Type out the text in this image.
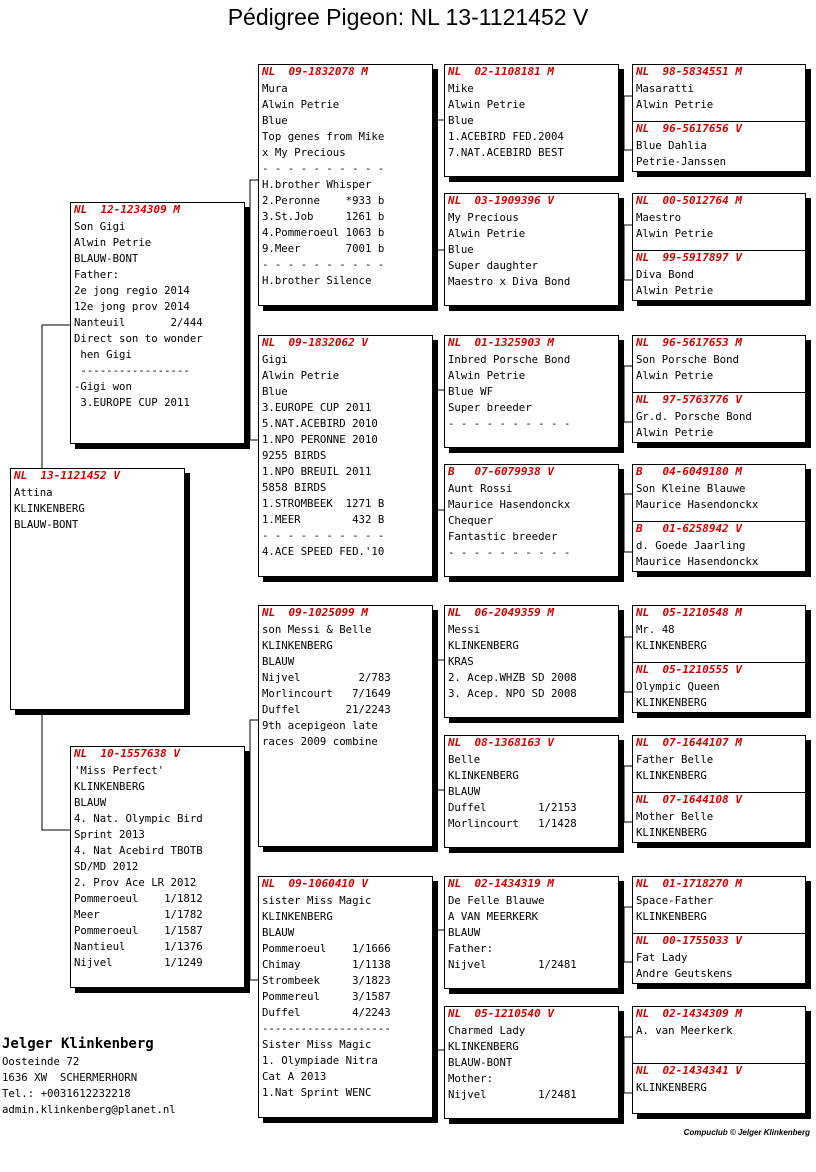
Pédigree Pigeon: NL 13-1121452 V
NL  13-1121452 V
Attina
KLINKENBERG
BLAUW-BONT
NL  12-1234309 M
Son Gigi
Alwin Petrie
BLAUW-BONT
Father:
2e jong regio 2014
12e jong prov 2014
Nanteuil       2/444
Direct son to wonder
hen Gigi
-----------------
-Gigi won
3.EUROPE CUP 2011
NL  10-1557638 V
'Miss Perfect'
KLINKENBERG
BLAUW
4. Nat. Olympic Bird
Sprint 2013
4. Nat Acebird TBOTB
SD/MD 2012
2. Prov Ace LR 2012
Pommeroeul    1/1812
Meer          1/1782
Pommeroeul    1/1587
Nantieul      1/1376
Nijvel        1/1249
NL  09-1832078 M
Mura
Alwin Petrie
Blue
Top genes from Mike
x My Precious
- - - - - - - - - -
H.brother Whisper
2.Peronne    *933 b
3.St.Job     1261 b
4.Pommeroeul 1063 b
9.Meer       7001 b
- - - - - - - - - -
H.brother Silence
NL  09-1832062 V
Gigi
Alwin Petrie
Blue
3.EUROPE CUP 2011
5.NAT.ACEBIRD 2010
1.NPO PERONNE 2010
9255 BIRDS
1.NPO BREUIL 2011
5858 BIRDS
1.STROMBEEK  1271 B
1.MEER        432 B
- - - - - - - - - -
4.ACE SPEED FED.'10
NL  09-1025099 M
son Messi & Belle
KLINKENBERG
BLAUW
Nijvel         2/783
Morlincourt   7/1649
Duffel       21/2243
9th acepigeon late
races 2009 combine
NL  09-1060410 V
sister Miss Magic
KLINKENBERG
BLAUW
Pommeroeul    1/1666
Chimay        1/1138
Strombeek     3/1823
Pommereul     3/1587
Duffel        4/2243
--------------------
Sister Miss Magic
1. Olympiade Nitra
Cat A 2013
1.Nat Sprint WENC
NL  02-1108181 M
Mike
Alwin Petrie
Blue
1.ACEBIRD FED.2004
7.NAT.ACEBIRD BEST
NL  03-1909396 V
My Precious
Alwin Petrie
Blue
Super daughter
Maestro x Diva Bond
NL  01-1325903 M
Inbred Porsche Bond
Alwin Petrie
Blue WF
Super breeder
- - - - - - - - - -
B   07-6079938 V
Aunt Rossi
Maurice Hasendonckx
Chequer
Fantastic breeder
- - - - - - - - - -
NL  06-2049359 M
Messi
KLINKENBERG
KRAS
2. Acep.WHZB SD 2008
3. Acep. NPO SD 2008
NL  08-1368163 V
Belle
KLINKENBERG
BLAUW
Duffel        1/2153
Morlincourt   1/1428
NL  02-1434319 M
De Felle Blauwe
A VAN MEERKERK
BLAUW
Father:
Nijvel        1/2481
NL  05-1210540 V
Charmed Lady
KLINKENBERG
BLAUW-BONT
Mother:
Nijvel        1/2481
NL  98-5834551 M
Masaratti
Alwin Petrie
NL  96-5617656 V
Blue Dahlia
Petrie-Janssen
NL  00-5012764 M
Maestro
Alwin Petrie
NL  99-5917897 V
Diva Bond
Alwin Petrie
NL  96-5617653 M
Son Porsche Bond
Alwin Petrie
NL  97-5763776 V
Gr.d. Porsche Bond
Alwin Petrie
B   04-6049180 M
Son Kleine Blauwe
Maurice Hasendonckx
B   01-6258942 V
d. Goede Jaarling
Maurice Hasendonckx
NL  05-1210548 M
Mr. 48
KLINKENBERG
NL  05-1210555 V
Olympic Queen
KLINKENBERG
NL  07-1644107 M
Father Belle
KLINKENBERG
NL  07-1644108 V
Mother Belle
KLINKENBERG
NL  01-1718270 M
Space-Father
KLINKENBERG
NL  00-1755033 V
Fat Lady
Andre Geutskens
NL  02-1434309 M
A. van Meerkerk
NL  02-1434341 V
KLINKENBERG
Jelger Klinkenberg
Oosteinde 72
1636 XW  SCHERMERHORN
Tel.: +0031612232218
admin.klinkenberg@planet.nl
Compuclub © Jelger Klinkenberg
